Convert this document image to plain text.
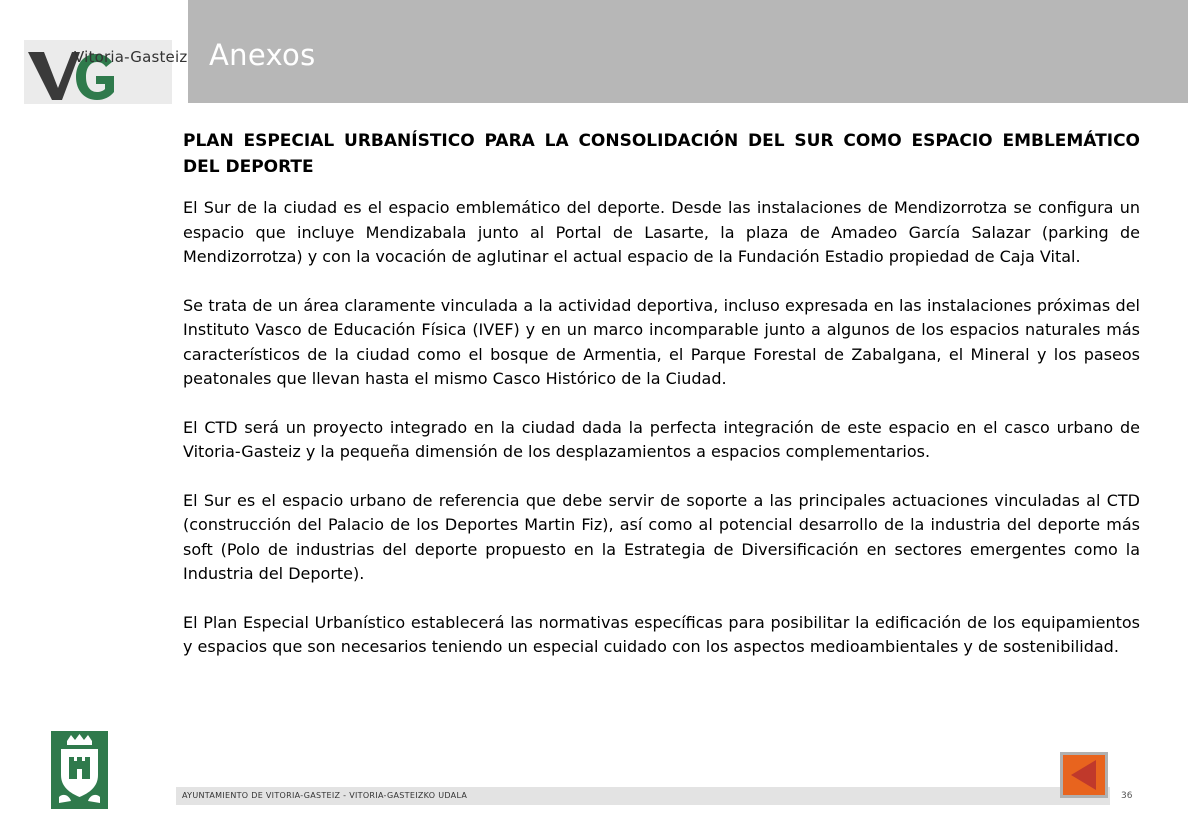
Vitoria-Gasteiz Anexos
PLAN ESPECIAL URBANÍSTICO PARA LA CONSOLIDACIÓN DEL SUR COMO ESPACIO EMBLEMÁTICO DEL DEPORTE

El Sur de la ciudad es el espacio emblemático del deporte. Desde las instalaciones de Mendizorrotza se configura un espacio que incluye Mendizabala junto al Portal de Lasarte, la plaza de Amadeo García Salazar (parking de Mendizorrotza) y con la vocación de aglutinar el actual espacio de la Fundación Estadio propiedad de Caja Vital.

Se trata de un área claramente vinculada a la actividad deportiva, incluso expresada en las instalaciones próximas del Instituto Vasco de Educación Física (IVEF) y en un marco incomparable junto a algunos de los espacios naturales más característicos de la ciudad como el bosque de Armentia, el Parque Forestal de Zabalgana, el Mineral y los paseos peatonales que llevan hasta el mismo Casco Histórico de la Ciudad.

El CTD será un proyecto integrado en la ciudad dada la perfecta integración de este espacio en el casco urbano de Vitoria-Gasteiz y la pequeña dimensión de los desplazamientos a espacios complementarios.

El Sur es el espacio urbano de referencia que debe servir de soporte a las principales actuaciones vinculadas al CTD (construcción del Palacio de los Deportes Martin Fiz), así como al potencial desarrollo de la industria del deporte más soft (Polo de industrias del deporte propuesto en la Estrategia de Diversificación en sectores emergentes como la Industria del Deporte).

El Plan Especial Urbanístico establecerá las normativas específicas para posibilitar la edificación de los equipamientos y espacios que son necesarios teniendo un especial cuidado con los aspectos medioambientales y de sostenibilidad.

AYUNTAMIENTO DE VITORIA-GASTEIZ - VITORIA-GASTEIZKO UDALA	36
